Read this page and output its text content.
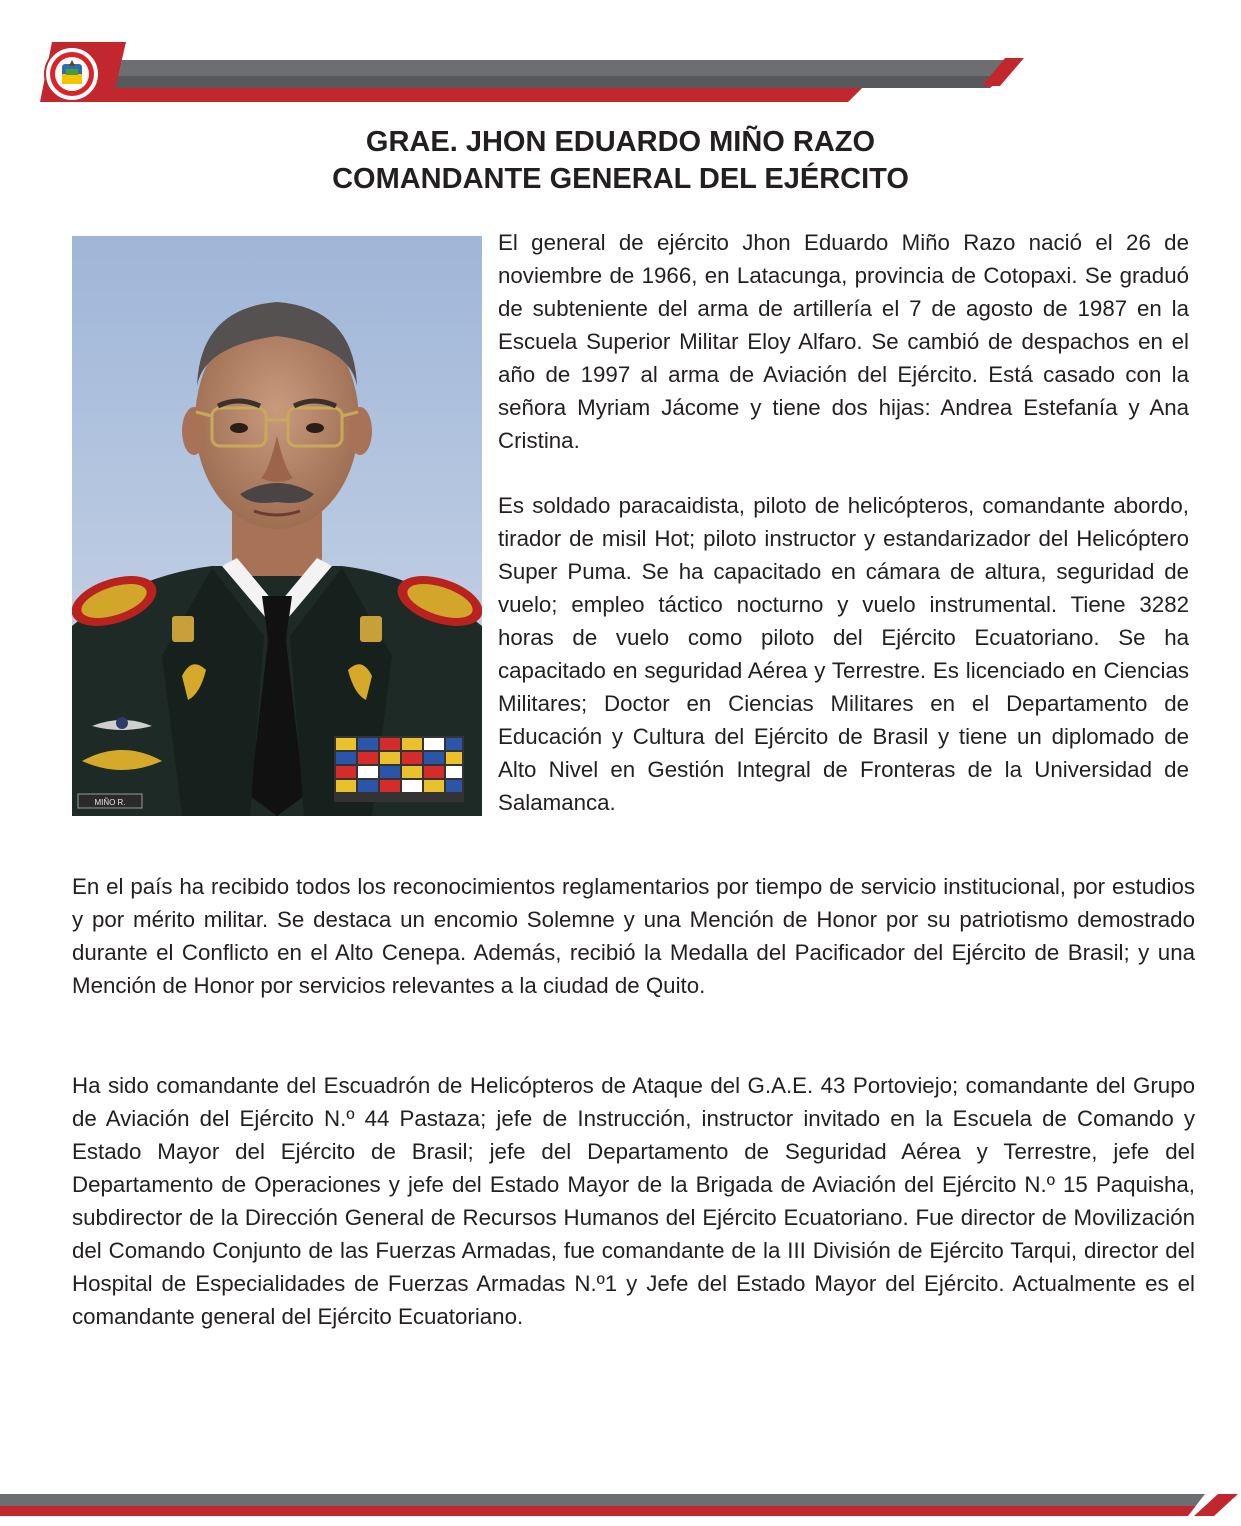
GRAE. JHON EDUARDO MIÑO RAZO
COMANDANTE GENERAL DEL EJÉRCITO
MIÑO R.

El general de ejército Jhon Eduardo Miño Razo nació el 26 de noviembre de 1966, en Latacunga, provincia de Cotopaxi. Se graduó de subteniente del arma de artillería el 7 de agosto de 1987 en la Escuela Superior Militar Eloy Alfaro. Se cambió de despachos en el año de 1997 al arma de Aviación del Ejército. Está casado con la señora Myriam Jácome y tiene dos hijas: Andrea Estefanía y Ana Cristina.

Es soldado paracaidista, piloto de helicópteros, comandante abordo, tirador de misil Hot; piloto instructor y estandarizador del Helicóptero Super Puma. Se ha capacitado en cámara de altura, seguridad de vuelo; empleo táctico nocturno y vuelo instrumental. Tiene 3282 horas de vuelo como piloto del Ejército Ecuatoriano. Se ha capacitado en seguridad Aérea y Terrestre. Es licenciado en Ciencias Militares; Doctor en Ciencias Militares en el Departamento de Educación y Cultura del Ejército de Brasil y tiene un diplomado de Alto Nivel en Gestión Integral de Fronteras de la Universidad de Salamanca.

En el país ha recibido todos los reconocimientos reglamentarios por tiempo de servicio institucional, por estudios y por mérito militar. Se destaca un encomio Solemne y una Mención de Honor por su patriotismo demostrado durante el Conflicto en el Alto Cenepa. Además, recibió la Medalla del Pacificador del Ejército de Brasil; y una Mención de Honor por servicios relevantes a la ciudad de Quito.

Ha sido comandante del Escuadrón de Helicópteros de Ataque del G.A.E. 43 Portoviejo; comandante del Grupo de Aviación del Ejército N.º 44 Pastaza; jefe de Instrucción, instructor invitado en la Escuela de Comando y Estado Mayor del Ejército de Brasil; jefe del Departamento de Seguridad Aérea y Terrestre, jefe del Departamento de Operaciones y jefe del Estado Mayor de la Brigada de Aviación del Ejército N.º 15 Paquisha, subdirector de la Dirección General de Recursos Humanos del Ejército Ecuatoriano. Fue director de Movilización del Comando Conjunto de las Fuerzas Armadas, fue comandante de la III División de Ejército Tarqui, director del Hospital de Especialidades de Fuerzas Armadas N.º1 y Jefe del Estado Mayor del Ejército. Actualmente es el comandante general del Ejército Ecuatoriano.
